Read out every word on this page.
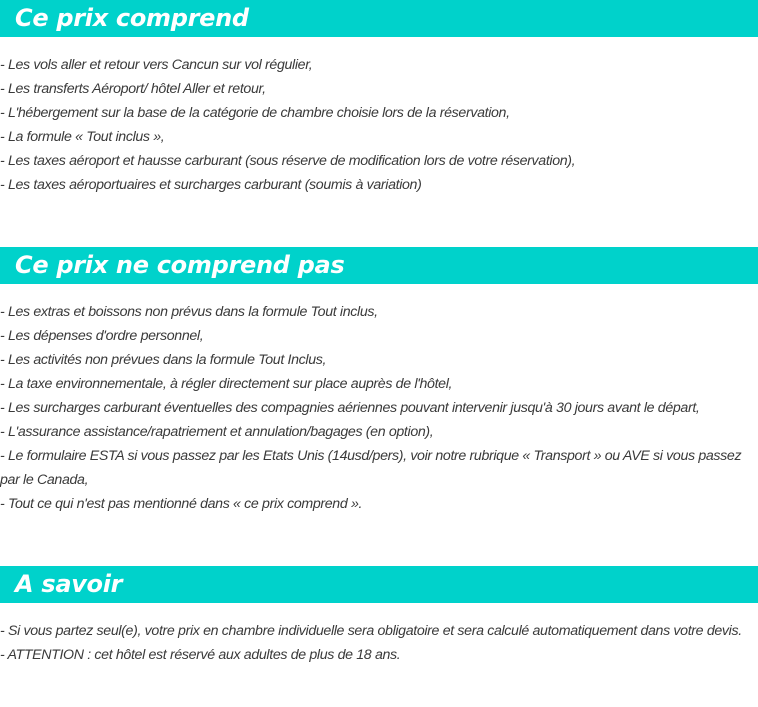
Ce prix comprend
- Les vols aller et retour vers Cancun sur vol régulier,
- Les transferts Aéroport/ hôtel Aller et retour,
- L'hébergement sur la base de la catégorie de chambre choisie lors de la réservation,
- La formule « Tout inclus »,
- Les taxes aéroport et hausse carburant (sous réserve de modification lors de votre réservation),
- Les taxes aéroportuaires et surcharges carburant (soumis à variation)
Ce prix ne comprend pas
- Les extras et boissons non prévus dans la formule Tout inclus,
- Les dépenses d'ordre personnel,
- Les activités non prévues dans la formule Tout Inclus,
- La taxe environnementale, à régler directement sur place auprès de l'hôtel,
- Les surcharges carburant éventuelles des compagnies aériennes pouvant intervenir jusqu'à 30 jours avant le départ,
- L'assurance assistance/rapatriement et annulation/bagages (en option),
- Le formulaire ESTA si vous passez par les Etats Unis (14usd/pers), voir notre rubrique « Transport » ou AVE si vous passez par le Canada,
- Tout ce qui n'est pas mentionné dans « ce prix comprend ».
A savoir
- Si vous partez seul(e), votre prix en chambre individuelle sera obligatoire et sera calculé automatiquement dans votre devis.
- ATTENTION : cet hôtel est réservé aux adultes de plus de 18 ans.
